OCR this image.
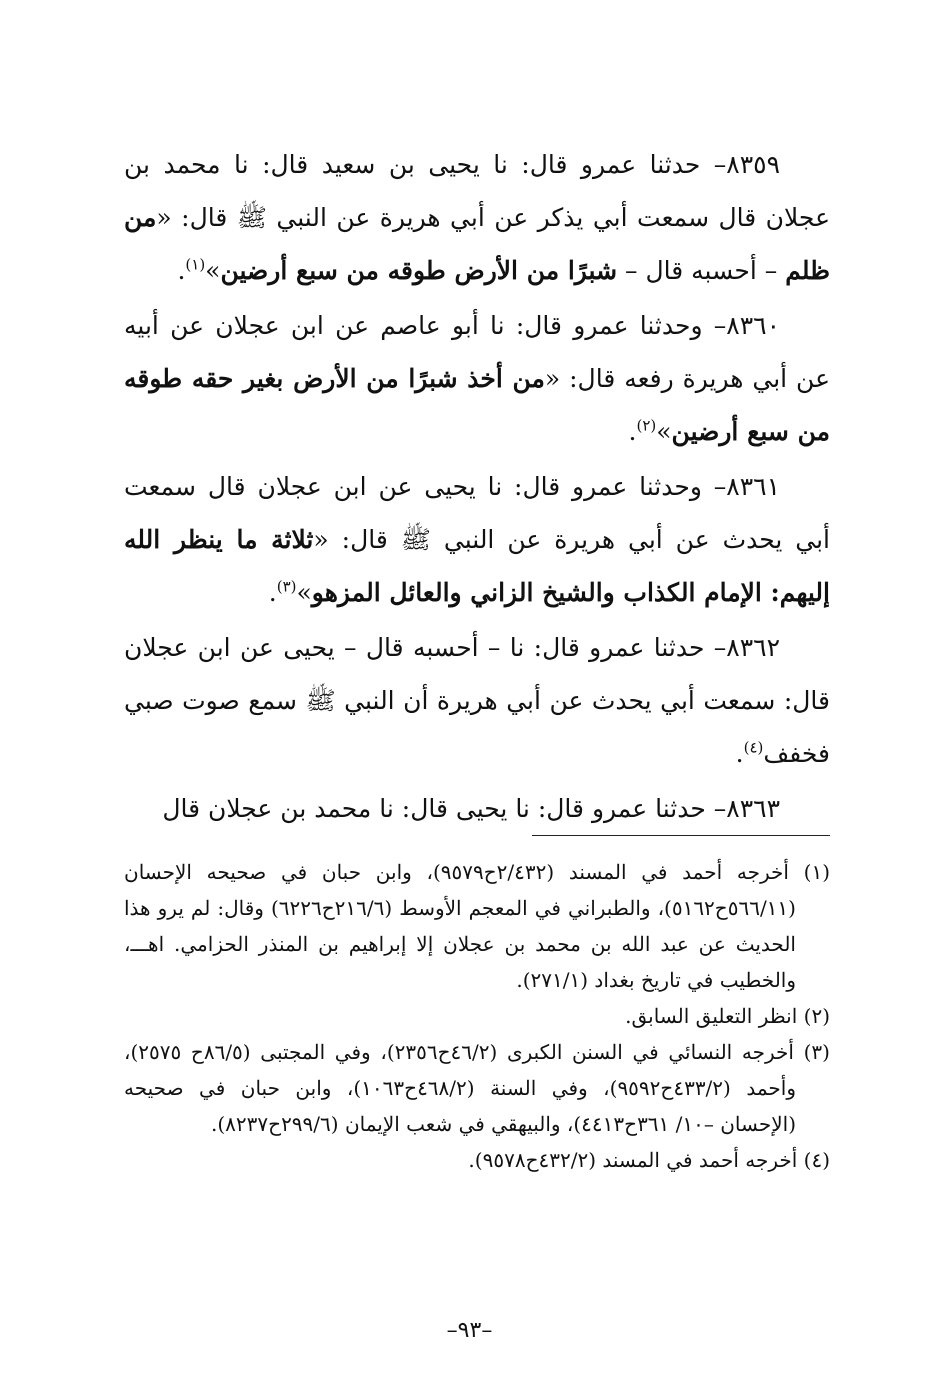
٨٣٥٩– حدثنا عمرو قال: نا يحيى بن سعيد قال: نا محمد بن عجلان قال سمعت أبي يذكر عن أبي هريرة عن النبي ﷺ قال: «من ظلم – أحسبه قال – شبرًا من الأرض طوقه من سبع أرضين»$^{(١)}$.

٨٣٦٠– وحدثنا عمرو قال: نا أبو عاصم عن ابن عجلان عن أبيه عن أبي هريرة رفعه قال: «من أخذ شبرًا من الأرض بغير حقه طوقه من سبع أرضين»$^{(٢)}$.

٨٣٦١– وحدثنا عمرو قال: نا يحيى عن ابن عجلان قال سمعت أبي يحدث عن أبي هريرة عن النبي ﷺ قال: «ثلاثة ما ينظر الله إليهم: الإمام الكذاب والشيخ الزاني والعائل المزهو»$^{(٣)}$.

٨٣٦٢– حدثنا عمرو قال: نا – أحسبه قال – يحيى عن ابن عجلان قال: سمعت أبي يحدث عن أبي هريرة أن النبي ﷺ سمع صوت صبي فخفف$^{(٤)}$.

٨٣٦٣– حدثنا عمرو قال: نا يحيى قال: نا محمد بن عجلان قال

(١) أخرجه أحمد في المسند (٢/٤٣٢ح٩٥٧٩)، وابن حبان في صحيحه الإحسان (٥٦٦/١١ح٥١٦٢)، والطبراني في المعجم الأوسط (٢١٦/٦ح٦٢٢٦) وقال: لم يرو هذا الحديث عن عبد الله بن محمد بن عجلان إلا إبراهيم بن المنذر الحزامي. اهـــ، والخطيب في تاريخ بغداد (٢٧١/١).

(٢) انظر التعليق السابق.

(٣) أخرجه النسائي في السنن الكبرى (٤٦/٢ح٢٣٥٦)، وفي المجتبى (٨٦/٥ح ٢٥٧٥)، وأحمد (٤٣٣/٢ح٩٥٩٢)، وفي السنة (٤٦٨/٢ح١٠٦٣)، وابن حبان في صحيحه (الإحسان –١٠/ ٣٦١ح٤٤١٣)، والبيهقي في شعب الإيمان (٢٩٩/٦ح٨٢٣٧).

(٤) أخرجه أحمد في المسند (٤٣٢/٢ح٩٥٧٨).

–٩٣–
